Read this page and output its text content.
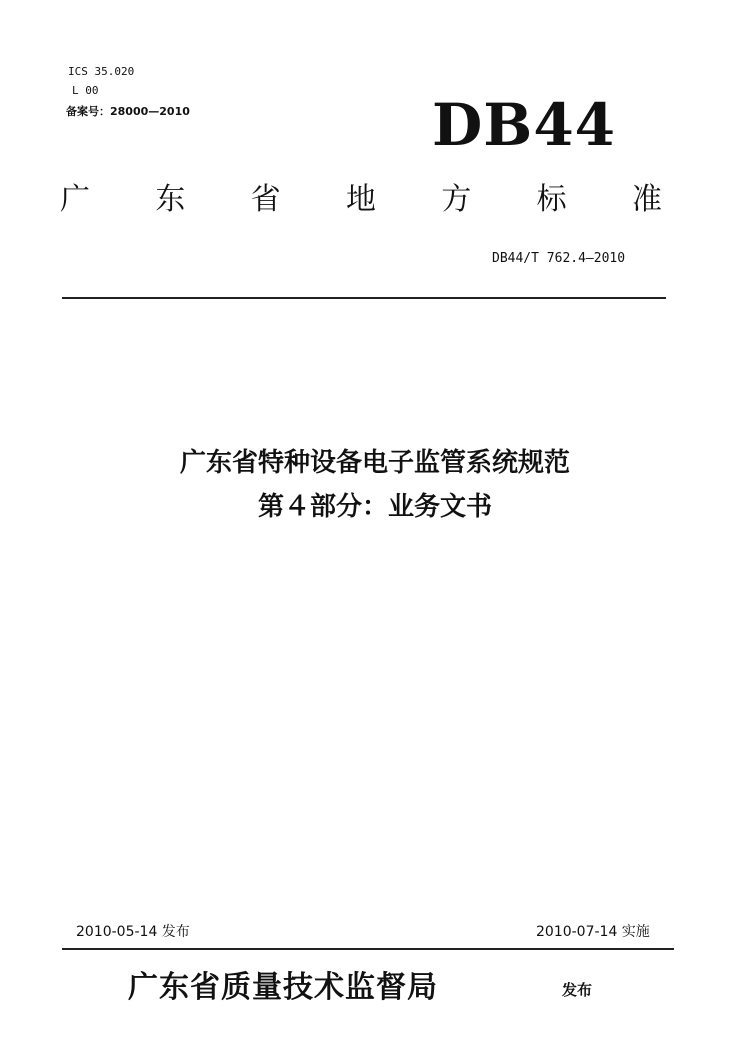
ICS 35.020
L 00
备案号：28000—2010	DB44
广 东 省 地 方 标 准
DB44/T 762.4—2010
广东省特种设备电子监管系统规范
第４部分：业务文书
2010-05-14 发布	2010-07-14 实施
广东省质量技术监督局	发布
